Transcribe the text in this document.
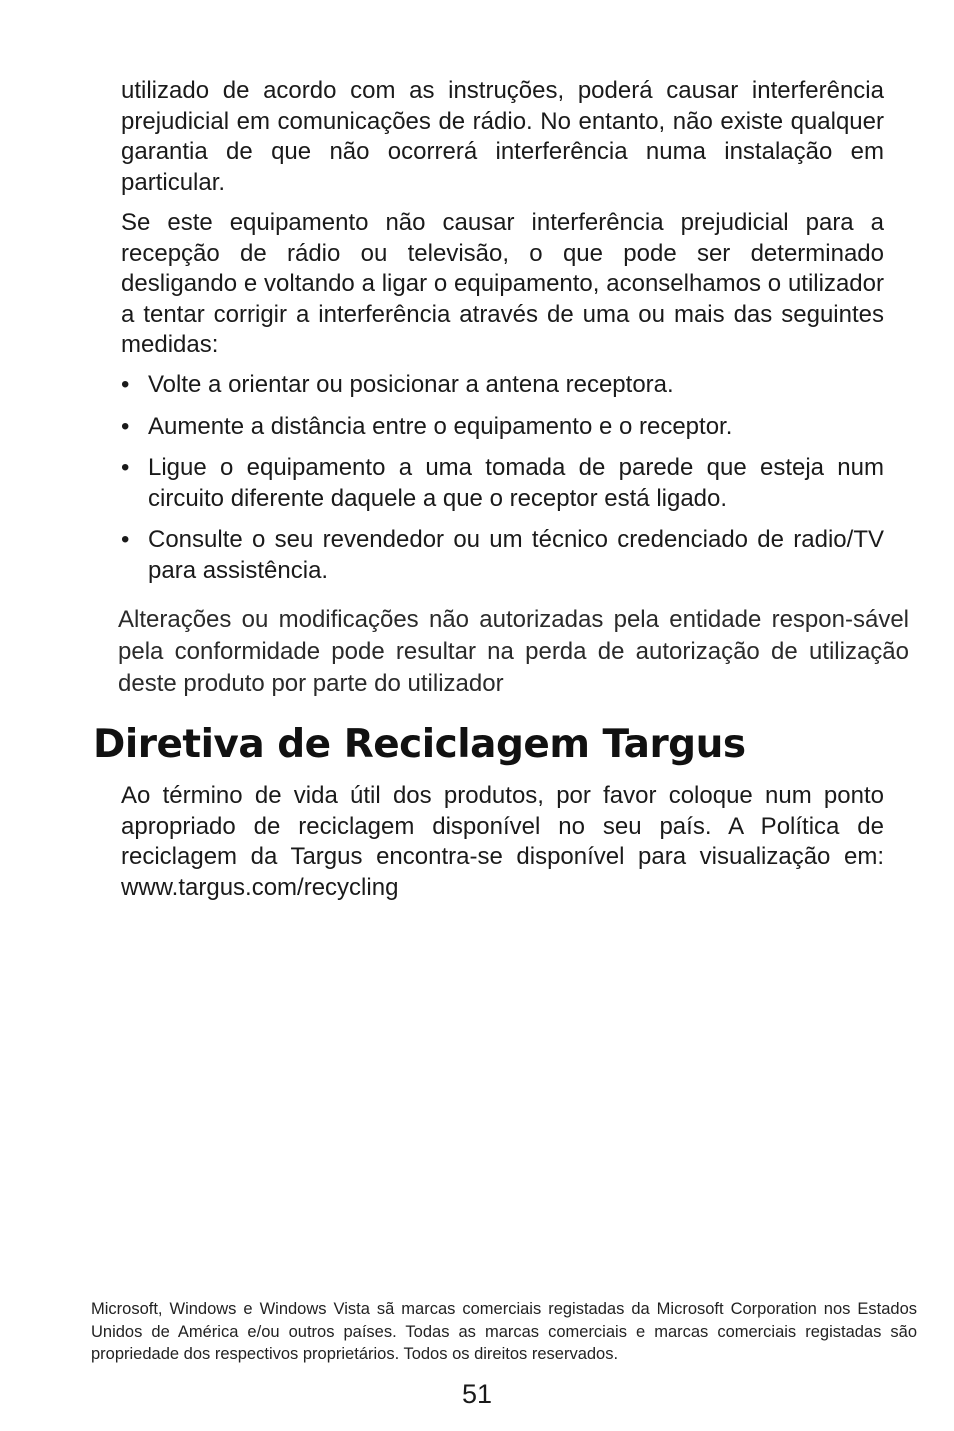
utilizado de acordo com as instruções, poderá causar interferência prejudicial em comunicações de rádio. No entanto, não existe qualquer garantia de que não ocorrerá interferência numa instalação em particular.

Se este equipamento não causar interferência prejudicial para a recepção de rádio ou televisão, o que pode ser determinado desligando e voltando a ligar o equipamento, aconselhamos o utilizador a tentar corrigir a interferência através de uma ou mais das seguintes medidas:

• Volte a orientar ou posicionar a antena receptora.
• Aumente a distância entre o equipamento e o receptor.
• Ligue o equipamento a uma tomada de parede que esteja num circuito diferente daquele a que o receptor está ligado.
• Consulte o seu revendedor ou um técnico credenciado de radio/TV para assistência.

Alterações ou modificações não autorizadas pela entidade respon-sável pela conformidade pode resultar na perda de autorização de utilização deste produto por parte do utilizador

Diretiva de Reciclagem Targus

Ao término de vida útil dos produtos, por favor coloque num ponto apropriado de reciclagem disponível no seu país. A Política de reciclagem da Targus encontra-se disponível para visualização em: www.targus.com/recycling

Microsoft, Windows e Windows Vista sã marcas comerciais registadas da Microsoft Corporation nos Estados Unidos de América e/ou outros países. Todas as marcas comerciais e marcas comerciais registadas são propriedade dos respectivos proprietários. Todos os direitos reservados.

51
